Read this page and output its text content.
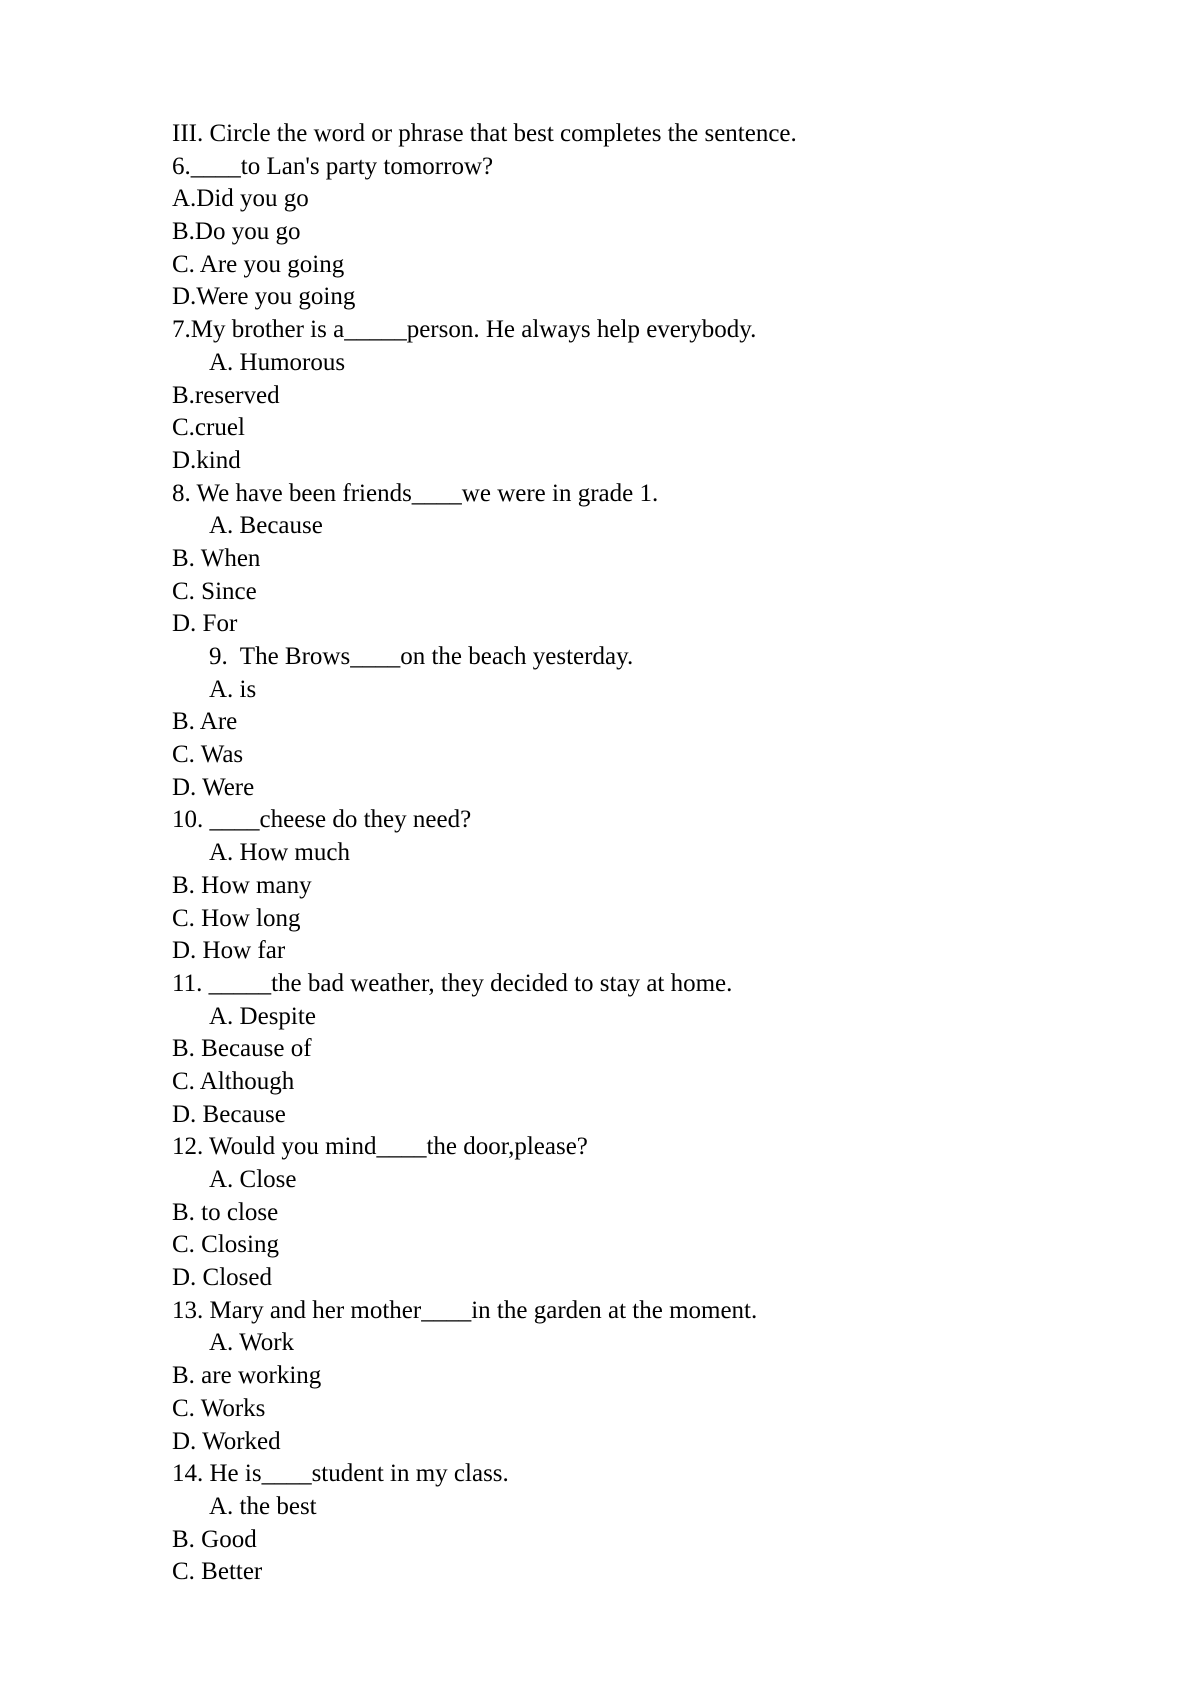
III. Circle the word or phrase that best completes the sentence.
6.____to Lan's party tomorrow?
A.Did you go
B.Do you go
C. Are you going
D.Were you going
7.My brother is a_____person. He always help everybody.
A. Humorous
B.reserved
C.cruel
D.kind
8. We have been friends____we were in grade 1.
A. Because
B. When
C. Since
D. For
9.  The Brows____on the beach yesterday.
A. is
B. Are
C. Was
D. Were
10. ____cheese do they need?
A. How much
B. How many
C. How long
D. How far
11. _____the bad weather, they decided to stay at home.
A. Despite
B. Because of
C. Although
D. Because
12. Would you mind____the door,please?
A. Close
B. to close
C. Closing
D. Closed
13. Mary and her mother____in the garden at the moment.
A. Work
B. are working
C. Works
D. Worked
14. He is____student in my class.
A. the best
B. Good
C. Better
